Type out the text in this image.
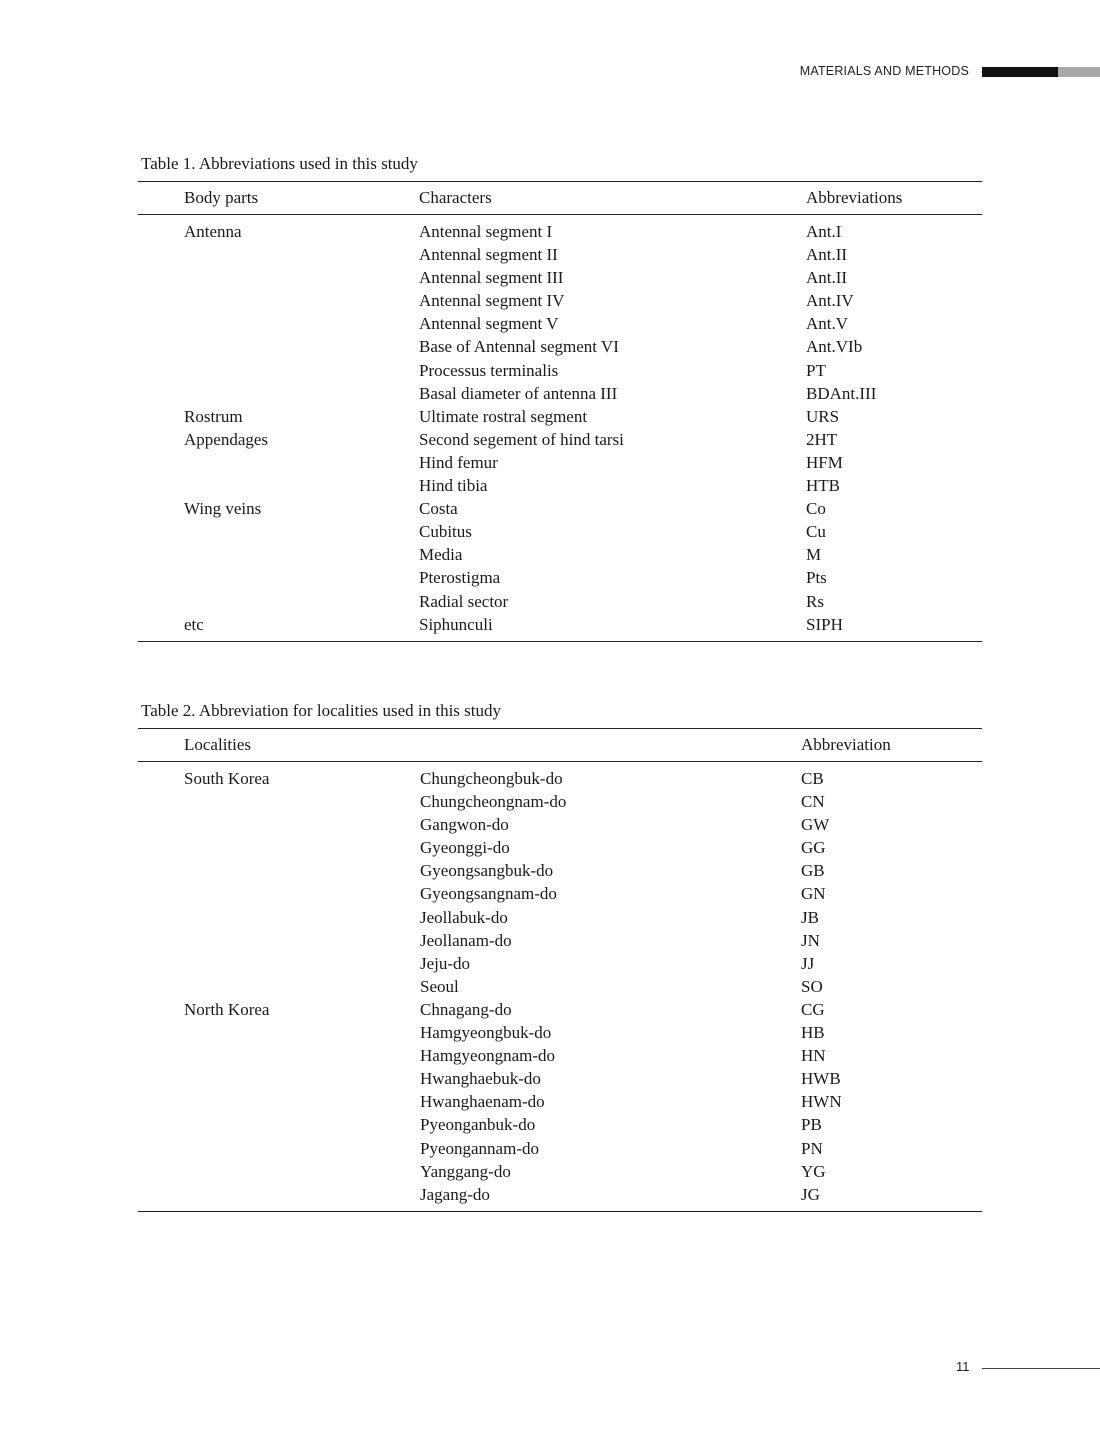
MATERIALS AND METHODS
Table 1. Abbreviations used in this study
Body parts	Characters	Abbreviations
Antenna	Antennal segment I	Ant.I
Antennal segment II	Ant.II
Antennal segment III	Ant.II
Antennal segment IV	Ant.IV
Antennal segment V	Ant.V
Base of Antennal segment VI	Ant.VIb
Processus terminalis	PT
Basal diameter of antenna III	BDAnt.III
Rostrum	Ultimate rostral segment	URS
Appendages	Second segement of hind tarsi	2HT
Hind femur	HFM
Hind tibia	HTB
Wing veins	Costa	Co
Cubitus	Cu
Media	M
Pterostigma	Pts
Radial sector	Rs
etc	Siphunculi	SIPH
Table 2. Abbreviation for localities used in this study
Localities	Abbreviation
South Korea	Chungcheongbuk-do	CB
Chungcheongnam-do	CN
Gangwon-do	GW
Gyeonggi-do	GG
Gyeongsangbuk-do	GB
Gyeongsangnam-do	GN
Jeollabuk-do	JB
Jeollanam-do	JN
Jeju-do	JJ
Seoul	SO
North Korea	Chnagang-do	CG
Hamgyeongbuk-do	HB
Hamgyeongnam-do	HN
Hwanghaebuk-do	HWB
Hwanghaenam-do	HWN
Pyeonganbuk-do	PB
Pyeongannam-do	PN
Yanggang-do	YG
Jagang-do	JG
11
